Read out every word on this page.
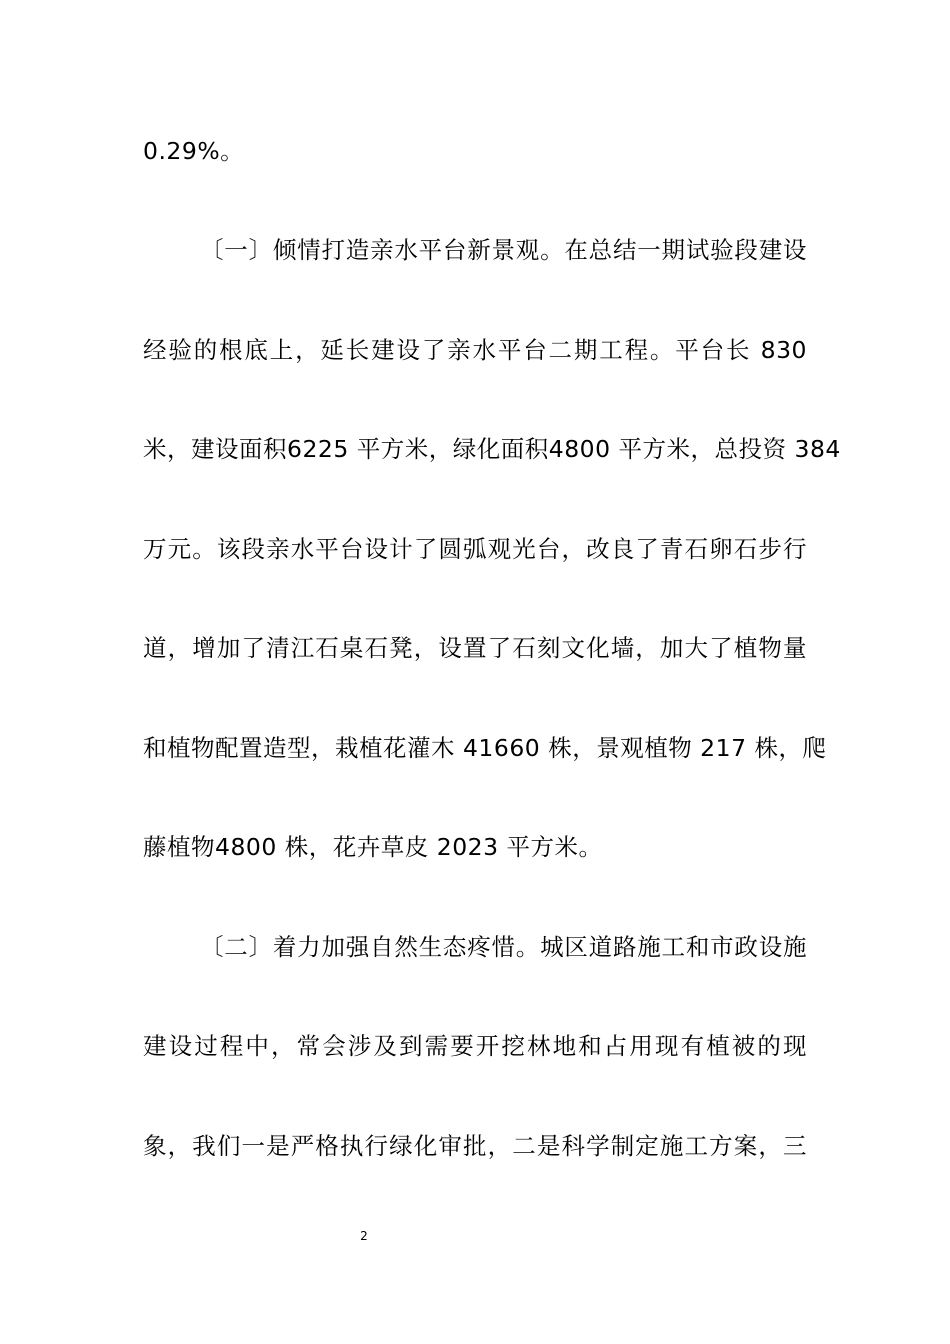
0.29%。
〔一〕倾情打造亲水平台新景观。在总结一期试验段建设
经验的根底上，延长建设了亲水平台二期工程。平台长 830
米，建设面积6225 平方米，绿化面积4800 平方米，总投资 384
万元。该段亲水平台设计了圆弧观光台，改良了青石卵石步行
道，增加了清江石桌石凳，设置了石刻文化墙，加大了植物量
和植物配置造型，栽植花灌木 41660 株，景观植物 217 株，爬
藤植物4800 株，花卉草皮 2023 平方米。
〔二〕着力加强自然生态疼惜。城区道路施工和市政设施
建设过程中，常会涉及到需要开挖林地和占用现有植被的现
象，我们一是严格执行绿化审批，二是科学制定施工方案，三
2
